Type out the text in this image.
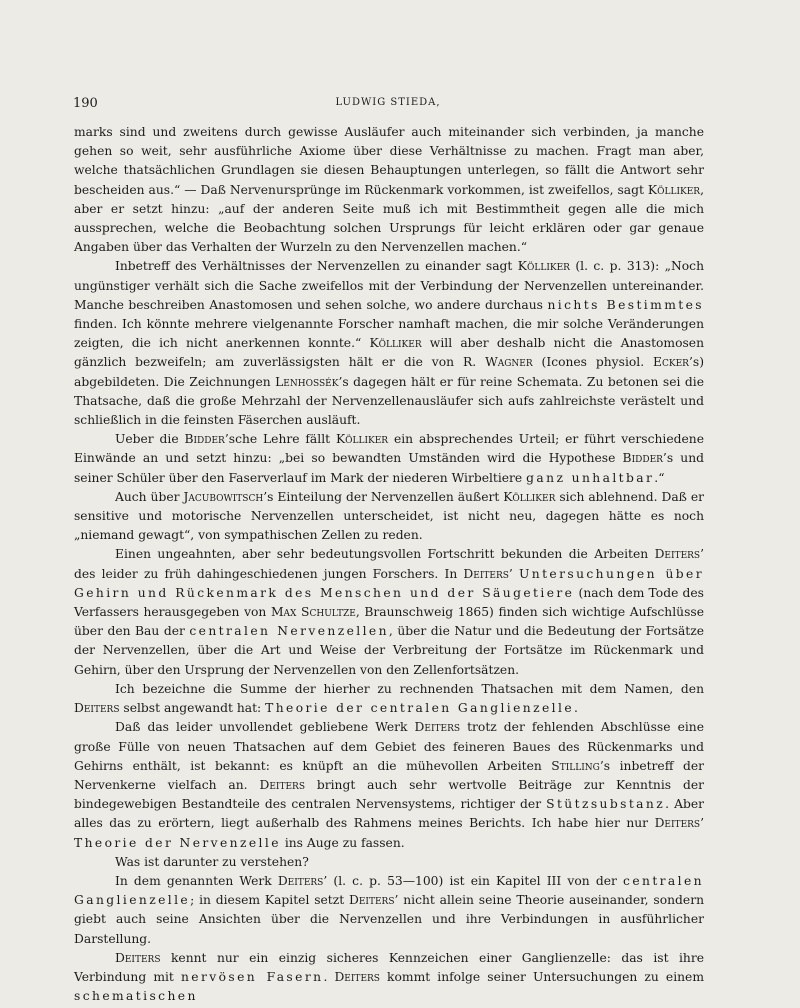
190	LUDWIG STIEDA,

marks sind und zweitens durch gewisse Ausläufer auch miteinander sich verbinden, ja manche gehen so weit, sehr ausführliche Axiome über diese Verhältnisse zu machen. Fragt man aber, welche thatsächlichen Grundlagen sie diesen Behauptungen unterlegen, so fällt die Antwort sehr bescheiden aus.“ — Daß Nervenursprünge im Rückenmark vorkommen, ist zweifellos, sagt Kölliker, aber er setzt hinzu: „auf der anderen Seite muß ich mit Bestimmtheit gegen alle die mich aussprechen, welche die Beobachtung solchen Ursprungs für leicht erklären oder gar genaue Angaben über das Verhalten der Wurzeln zu den Nervenzellen machen.“

Inbetreff des Verhältnisses der Nervenzellen zu einander sagt Kölliker (l. c. p. 313): „Noch ungünstiger verhält sich die Sache zweifellos mit der Verbindung der Nervenzellen untereinander. Manche beschreiben Anastomosen und sehen solche, wo andere durchaus nichts Bestimmtes finden. Ich könnte mehrere vielgenannte Forscher namhaft machen, die mir solche Veränderungen zeigten, die ich nicht anerkennen konnte.“ Kölliker will aber deshalb nicht die Anastomosen gänzlich bezweifeln; am zuverlässigsten hält er die von R. Wagner (Icones physiol. Ecker’s) abgebildeten. Die Zeichnungen Lenhossék’s dagegen hält er für reine Schemata. Zu betonen sei die Thatsache, daß die große Mehrzahl der Nervenzellenausläufer sich aufs zahlreichste verästelt und schließlich in die feinsten Fäserchen ausläuft.

Ueber die Bidder’sche Lehre fällt Kölliker ein absprechendes Urteil; er führt verschiedene Einwände an und setzt hinzu: „bei so bewandten Umständen wird die Hypothese Bidder’s und seiner Schüler über den Faserverlauf im Mark der niederen Wirbeltiere ganz unhaltbar.“

Auch über Jacubowitsch’s Einteilung der Nervenzellen äußert Kölliker sich ablehnend. Daß er sensitive und motorische Nervenzellen unterscheidet, ist nicht neu, dagegen hätte es noch „niemand gewagt“, von sympathischen Zellen zu reden.

Einen ungeahnten, aber sehr bedeutungsvollen Fortschritt bekunden die Arbeiten Deiters’ des leider zu früh dahingeschiedenen jungen Forschers. In Deiters’ Untersuchungen über Gehirn und Rückenmark des Menschen und der Säugetiere (nach dem Tode des Verfassers herausgegeben von Max Schultze, Braunschweig 1865) finden sich wichtige Aufschlüsse über den Bau der centralen Nervenzellen, über die Natur und die Bedeutung der Fortsätze der Nervenzellen, über die Art und Weise der Verbreitung der Fortsätze im Rückenmark und Gehirn, über den Ursprung der Nervenzellen von den Zellenfortsätzen.

Ich bezeichne die Summe der hierher zu rechnenden Thatsachen mit dem Namen, den Deiters selbst angewandt hat: Theorie der centralen Ganglienzelle.

Daß das leider unvollendet gebliebene Werk Deiters trotz der fehlenden Abschlüsse eine große Fülle von neuen Thatsachen auf dem Gebiet des feineren Baues des Rückenmarks und Gehirns enthält, ist bekannt: es knüpft an die mühevollen Arbeiten Stilling’s inbetreff der Nervenkerne vielfach an. Deiters bringt auch sehr wertvolle Beiträge zur Kenntnis der bindegewebigen Bestandteile des centralen Nervensystems, richtiger der Stützsubstanz. Aber alles das zu erörtern, liegt außerhalb des Rahmens meines Berichts. Ich habe hier nur Deiters’ Theorie der Nervenzelle ins Auge zu fassen.

Was ist darunter zu verstehen?

In dem genannten Werk Deiters’ (l. c. p. 53—100) ist ein Kapitel III von der centralen Ganglienzelle; in diesem Kapitel setzt Deiters’ nicht allein seine Theorie auseinander, sondern giebt auch seine Ansichten über die Nervenzellen und ihre Verbindungen in ausführlicher Darstellung.

Deiters kennt nur ein einzig sicheres Kennzeichen einer Ganglienzelle: das ist ihre Verbindung mit nervösen Fasern. Deiters kommt infolge seiner Untersuchungen zu einem schematischen
